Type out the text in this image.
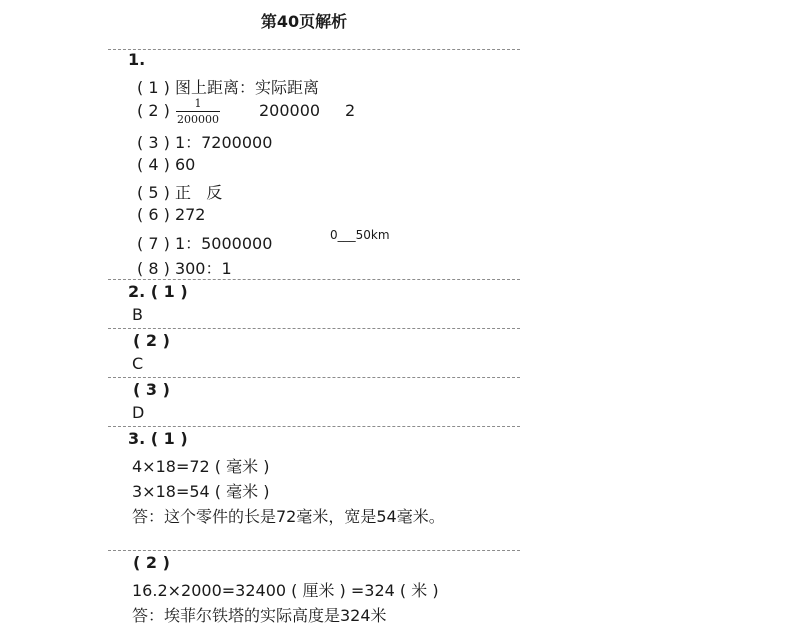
第40页解析
1.
( 1 ) 图上距离：实际距离
( 2 )	1
200000	200000 2
( 3 ) 1：7200000
( 4 ) 60
( 5 ) 正   反
( 6 ) 272
( 7 ) 1：5000000	0___50km
( 8 ) 300：1
2. ( 1 )
B
( 2 )
C
( 3 )
D
3. ( 1 )
4×18=72 ( 毫米 )
3×18=54 ( 毫米 )
答：这个零件的长是72毫米，宽是54毫米。
( 2 )
16.2×2000=32400 ( 厘米 ) =324 ( 米 )
答：埃菲尔铁塔的实际高度是324米
